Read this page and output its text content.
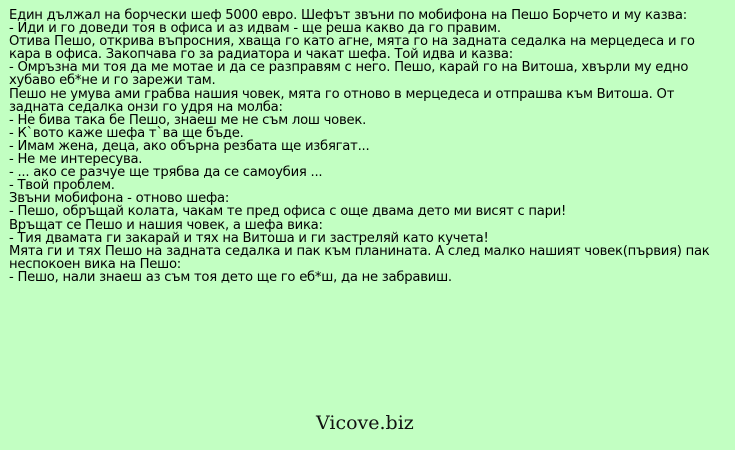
Един дължал на борчески шеф 5000 евро. Шефът звъни по мобифона на Пешо Борчето и му казва:
- Иди и го доведи тоя в офиса и аз идвам - ще реша какво да го правим.
Отива Пешо, открива въпросния, хваща го като агне, мята го на задната седалка на мерцедеса и го кара в офиса. Закопчава го за радиатора и чакат шефа. Той идва и казва:
- Омръзна ми тоя да ме мотае и да се разправям с него. Пешо, карай го на Витоша, хвърли му едно хубаво еб*не и го зарежи там.
Пешо не умува ами грабва нашия човек, мята го отново в мерцедеса и отпрашва към Витоша. От задната седалка онзи го удря на молба:
- Не бива така бе Пешо, знаеш ме не съм лош човек.
- К`вото каже шефа т`ва ще бъде.
- Имам жена, деца, ако обърна резбата ще избягат...
- Не ме интересува.
- ... ако се разчуе ще трябва да се самоубия ...
- Твой проблем.
Звъни мобифона - отново шефа:
- Пешо, обръщай колата, чакам те пред офиса с още двама дето ми висят с пари!
Връщат се Пешо и нашия човек, а шефа вика:
- Тия двамата ги закарай и тях на Витоша и ги застреляй като кучета!
Мята ги и тях Пешо на задната седалка и пак към планината. А след малко нашият човек(първия) пак неспокоен вика на Пешо:
- Пешо, нали знаеш аз съм тоя дето ще го еб*ш, да не забравиш.
Vicove.biz
